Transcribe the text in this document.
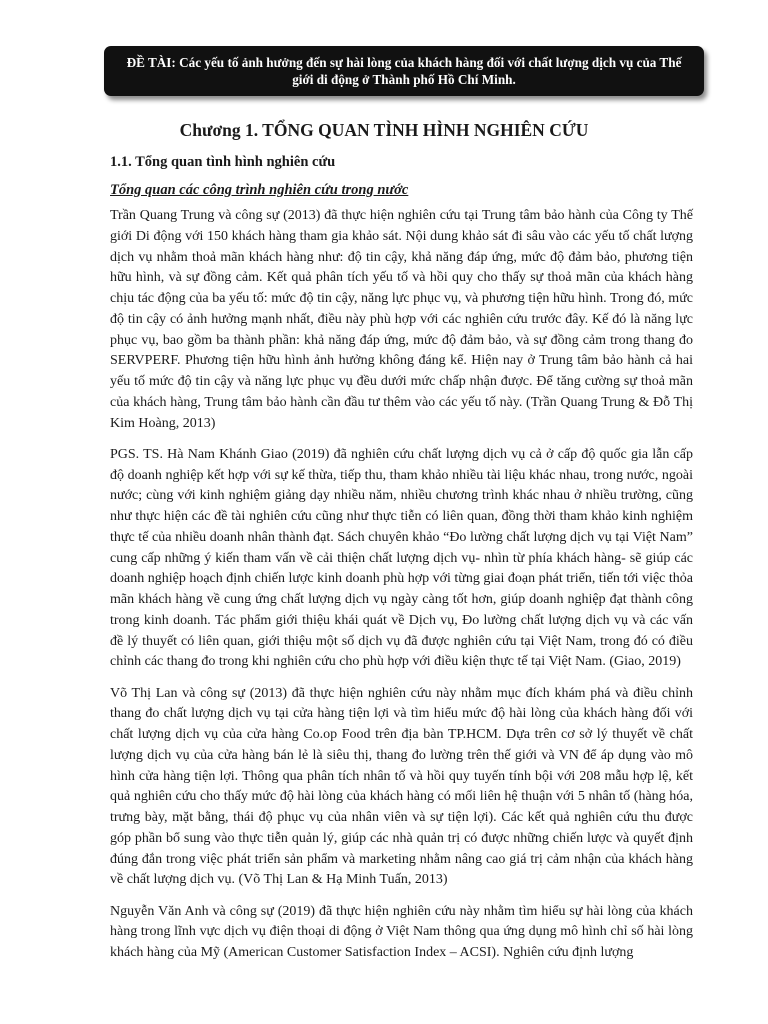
ĐỀ TÀI: Các yếu tố ảnh hưởng đến sự hài lòng của khách hàng đối với chất lượng dịch vụ của Thế giới di động ở Thành phố Hồ Chí Minh.
Chương 1. TỔNG QUAN TÌNH HÌNH NGHIÊN CỨU
1.1. Tổng quan tình hình nghiên cứu
Tổng quan các công trình nghiên cứu trong nước

Trần Quang Trung và công sự (2013) đã thực hiện nghiên cứu tại Trung tâm bảo hành của Công ty Thế giới Di động với 150 khách hàng tham gia khảo sát. Nội dung khảo sát đi sâu vào các yếu tố chất lượng dịch vụ nhằm thoả mãn khách hàng như: độ tin cậy, khả năng đáp ứng, mức độ đảm bảo, phương tiện hữu hình, và sự đồng cảm. Kết quả phân tích yếu tố và hồi quy cho thấy sự thoả mãn của khách hàng chịu tác động của ba yếu tố: mức độ tin cậy, năng lực phục vụ, và phương tiện hữu hình. Trong đó, mức độ tin cậy có ảnh hưởng mạnh nhất, điều này phù hợp với các nghiên cứu trước đây. Kế đó là năng lực phục vụ, bao gồm ba thành phần: khả năng đáp ứng, mức độ đảm bảo, và sự đồng cảm trong thang đo SERVPERF. Phương tiện hữu hình ảnh hưởng không đáng kể. Hiện nay ở Trung tâm bảo hành cả hai yếu tố mức độ tin cậy và năng lực phục vụ đều dưới mức chấp nhận được. Để tăng cường sự thoả mãn của khách hàng, Trung tâm bảo hành cần đầu tư thêm vào các yếu tố này. (Trần Quang Trung & Đỗ Thị Kim Hoàng, 2013)

PGS. TS. Hà Nam Khánh Giao (2019) đã nghiên cứu chất lượng dịch vụ cả ở cấp độ quốc gia lẫn cấp độ doanh nghiệp kết hợp với sự kế thừa, tiếp thu, tham khảo nhiều tài liệu khác nhau, trong nước, ngoài nước; cùng với kinh nghiệm giảng dạy nhiều năm, nhiều chương trình khác nhau ở nhiều trường, cũng như thực hiện các đề tài nghiên cứu cũng như thực tiễn có liên quan, đồng thời tham khảo kinh nghiệm thực tế của nhiều doanh nhân thành đạt. Sách chuyên khảo “Đo lường chất lượng dịch vụ tại Việt Nam” cung cấp những ý kiến tham vấn về cải thiện chất lượng dịch vụ- nhìn từ phía khách hàng- sẽ giúp các doanh nghiệp hoạch định chiến lược kinh doanh phù hợp với từng giai đoạn phát triển, tiến tới việc thỏa mãn khách hàng về cung ứng chất lượng dịch vụ ngày càng tốt hơn, giúp doanh nghiệp đạt thành công trong kinh doanh. Tác phẩm giới thiệu khái quát về Dịch vụ, Đo lường chất lượng dịch vụ và các vấn đề lý thuyết có liên quan, giới thiệu một số dịch vụ đã được nghiên cứu tại Việt Nam, trong đó có điều chỉnh các thang đo trong khi nghiên cứu cho phù hợp với điều kiện thực tế tại Việt Nam. (Giao, 2019)

Võ Thị Lan và công sự (2013) đã thực hiện nghiên cứu này nhằm mục đích khám phá và điều chỉnh thang đo chất lượng dịch vụ tại cửa hàng tiện lợi và tìm hiểu mức độ hài lòng của khách hàng đối với chất lượng dịch vụ của cửa hàng Co.op Food trên địa bàn TP.HCM. Dựa trên cơ sở lý thuyết về chất lượng dịch vụ của cửa hàng bán lẻ là siêu thị, thang đo lường trên thế giới và VN để áp dụng vào mô hình cửa hàng tiện lợi. Thông qua phân tích nhân tố và hồi quy tuyến tính bội với 208 mẫu hợp lệ, kết quả nghiên cứu cho thấy mức độ hài lòng của khách hàng có mối liên hệ thuận với 5 nhân tố (hàng hóa, trưng bày, mặt bằng, thái độ phục vụ của nhân viên và sự tiện lợi). Các kết quả nghiên cứu thu được góp phần bổ sung vào thực tiễn quản lý, giúp các nhà quản trị có được những chiến lược và quyết định đúng đắn trong việc phát triển sản phẩm và marketing nhằm nâng cao giá trị cảm nhận của khách hàng về chất lượng dịch vụ. (Võ Thị Lan & Hạ Minh Tuấn, 2013)

Nguyễn Văn Anh và công sự (2019) đã thực hiện nghiên cứu này nhằm tìm hiểu sự hài lòng của khách hàng trong lĩnh vực dịch vụ điện thoại di động ở Việt Nam thông qua ứng dụng mô hình chỉ số hài lòng khách hàng của Mỹ (American Customer Satisfaction Index – ACSI). Nghiên cứu định lượng
